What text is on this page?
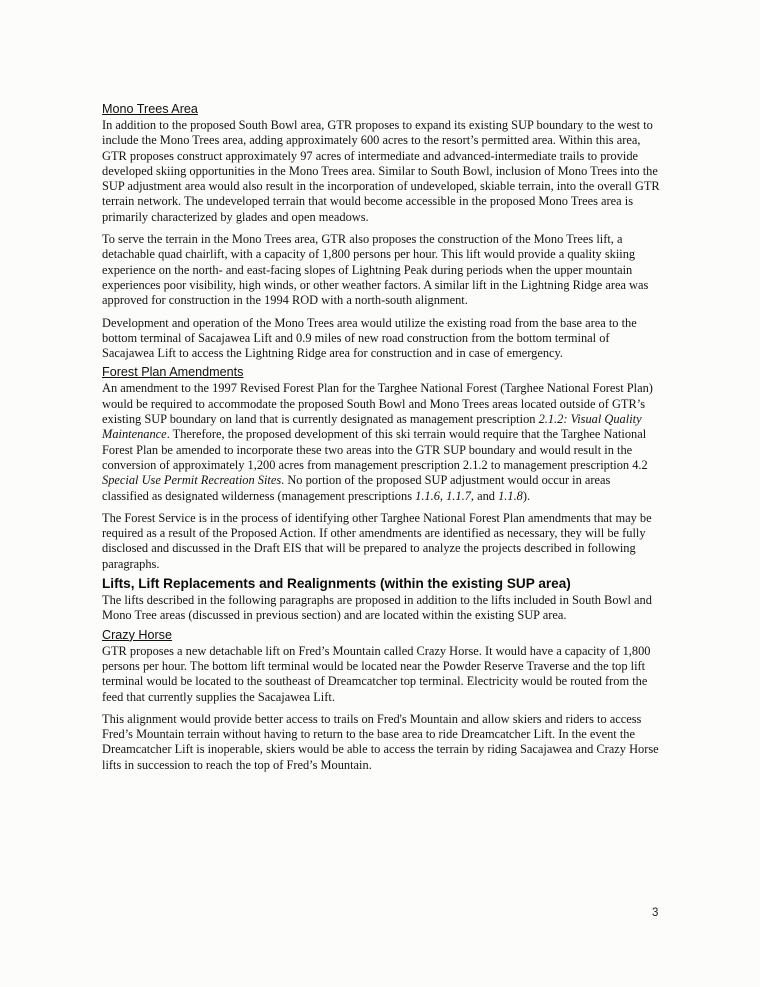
Mono Trees Area

In addition to the proposed South Bowl area, GTR proposes to expand its existing SUP boundary to the west to include the Mono Trees area, adding approximately 600 acres to the resort’s permitted area. Within this area, GTR proposes construct approximately 97 acres of intermediate and advanced-intermediate trails to provide developed skiing opportunities in the Mono Trees area. Similar to South Bowl, inclusion of Mono Trees into the SUP adjustment area would also result in the incorporation of undeveloped, skiable terrain, into the overall GTR terrain network. The undeveloped terrain that would become accessible in the proposed Mono Trees area is primarily characterized by glades and open meadows.

To serve the terrain in the Mono Trees area, GTR also proposes the construction of the Mono Trees lift, a detachable quad chairlift, with a capacity of 1,800 persons per hour. This lift would provide a quality skiing experience on the north- and east-facing slopes of Lightning Peak during periods when the upper mountain experiences poor visibility, high winds, or other weather factors. A similar lift in the Lightning Ridge area was approved for construction in the 1994 ROD with a north-south alignment.

Development and operation of the Mono Trees area would utilize the existing road from the base area to the bottom terminal of Sacajawea Lift and 0.9 miles of new road construction from the bottom terminal of Sacajawea Lift to access the Lightning Ridge area for construction and in case of emergency.

Forest Plan Amendments

An amendment to the 1997 Revised Forest Plan for the Targhee National Forest (Targhee National Forest Plan) would be required to accommodate the proposed South Bowl and Mono Trees areas located outside of GTR’s existing SUP boundary on land that is currently designated as management prescription 2.1.2: Visual Quality Maintenance. Therefore, the proposed development of this ski terrain would require that the Targhee National Forest Plan be amended to incorporate these two areas into the GTR SUP boundary and would result in the conversion of approximately 1,200 acres from management prescription 2.1.2 to management prescription 4.2 Special Use Permit Recreation Sites. No portion of the proposed SUP adjustment would occur in areas classified as designated wilderness (management prescriptions 1.1.6, 1.1.7, and 1.1.8).

The Forest Service is in the process of identifying other Targhee National Forest Plan amendments that may be required as a result of the Proposed Action. If other amendments are identified as necessary, they will be fully disclosed and discussed in the Draft EIS that will be prepared to analyze the projects described in following paragraphs.

Lifts, Lift Replacements and Realignments (within the existing SUP area)

The lifts described in the following paragraphs are proposed in addition to the lifts included in South Bowl and Mono Tree areas (discussed in previous section) and are located within the existing SUP area.

Crazy Horse

GTR proposes a new detachable lift on Fred’s Mountain called Crazy Horse. It would have a capacity of 1,800 persons per hour. The bottom lift terminal would be located near the Powder Reserve Traverse and the top lift terminal would be located to the southeast of Dreamcatcher top terminal. Electricity would be routed from the feed that currently supplies the Sacajawea Lift.

This alignment would provide better access to trails on Fred's Mountain and allow skiers and riders to access Fred’s Mountain terrain without having to return to the base area to ride Dreamcatcher Lift. In the event the Dreamcatcher Lift is inoperable, skiers would be able to access the terrain by riding Sacajawea and Crazy Horse lifts in succession to reach the top of Fred’s Mountain.

3
